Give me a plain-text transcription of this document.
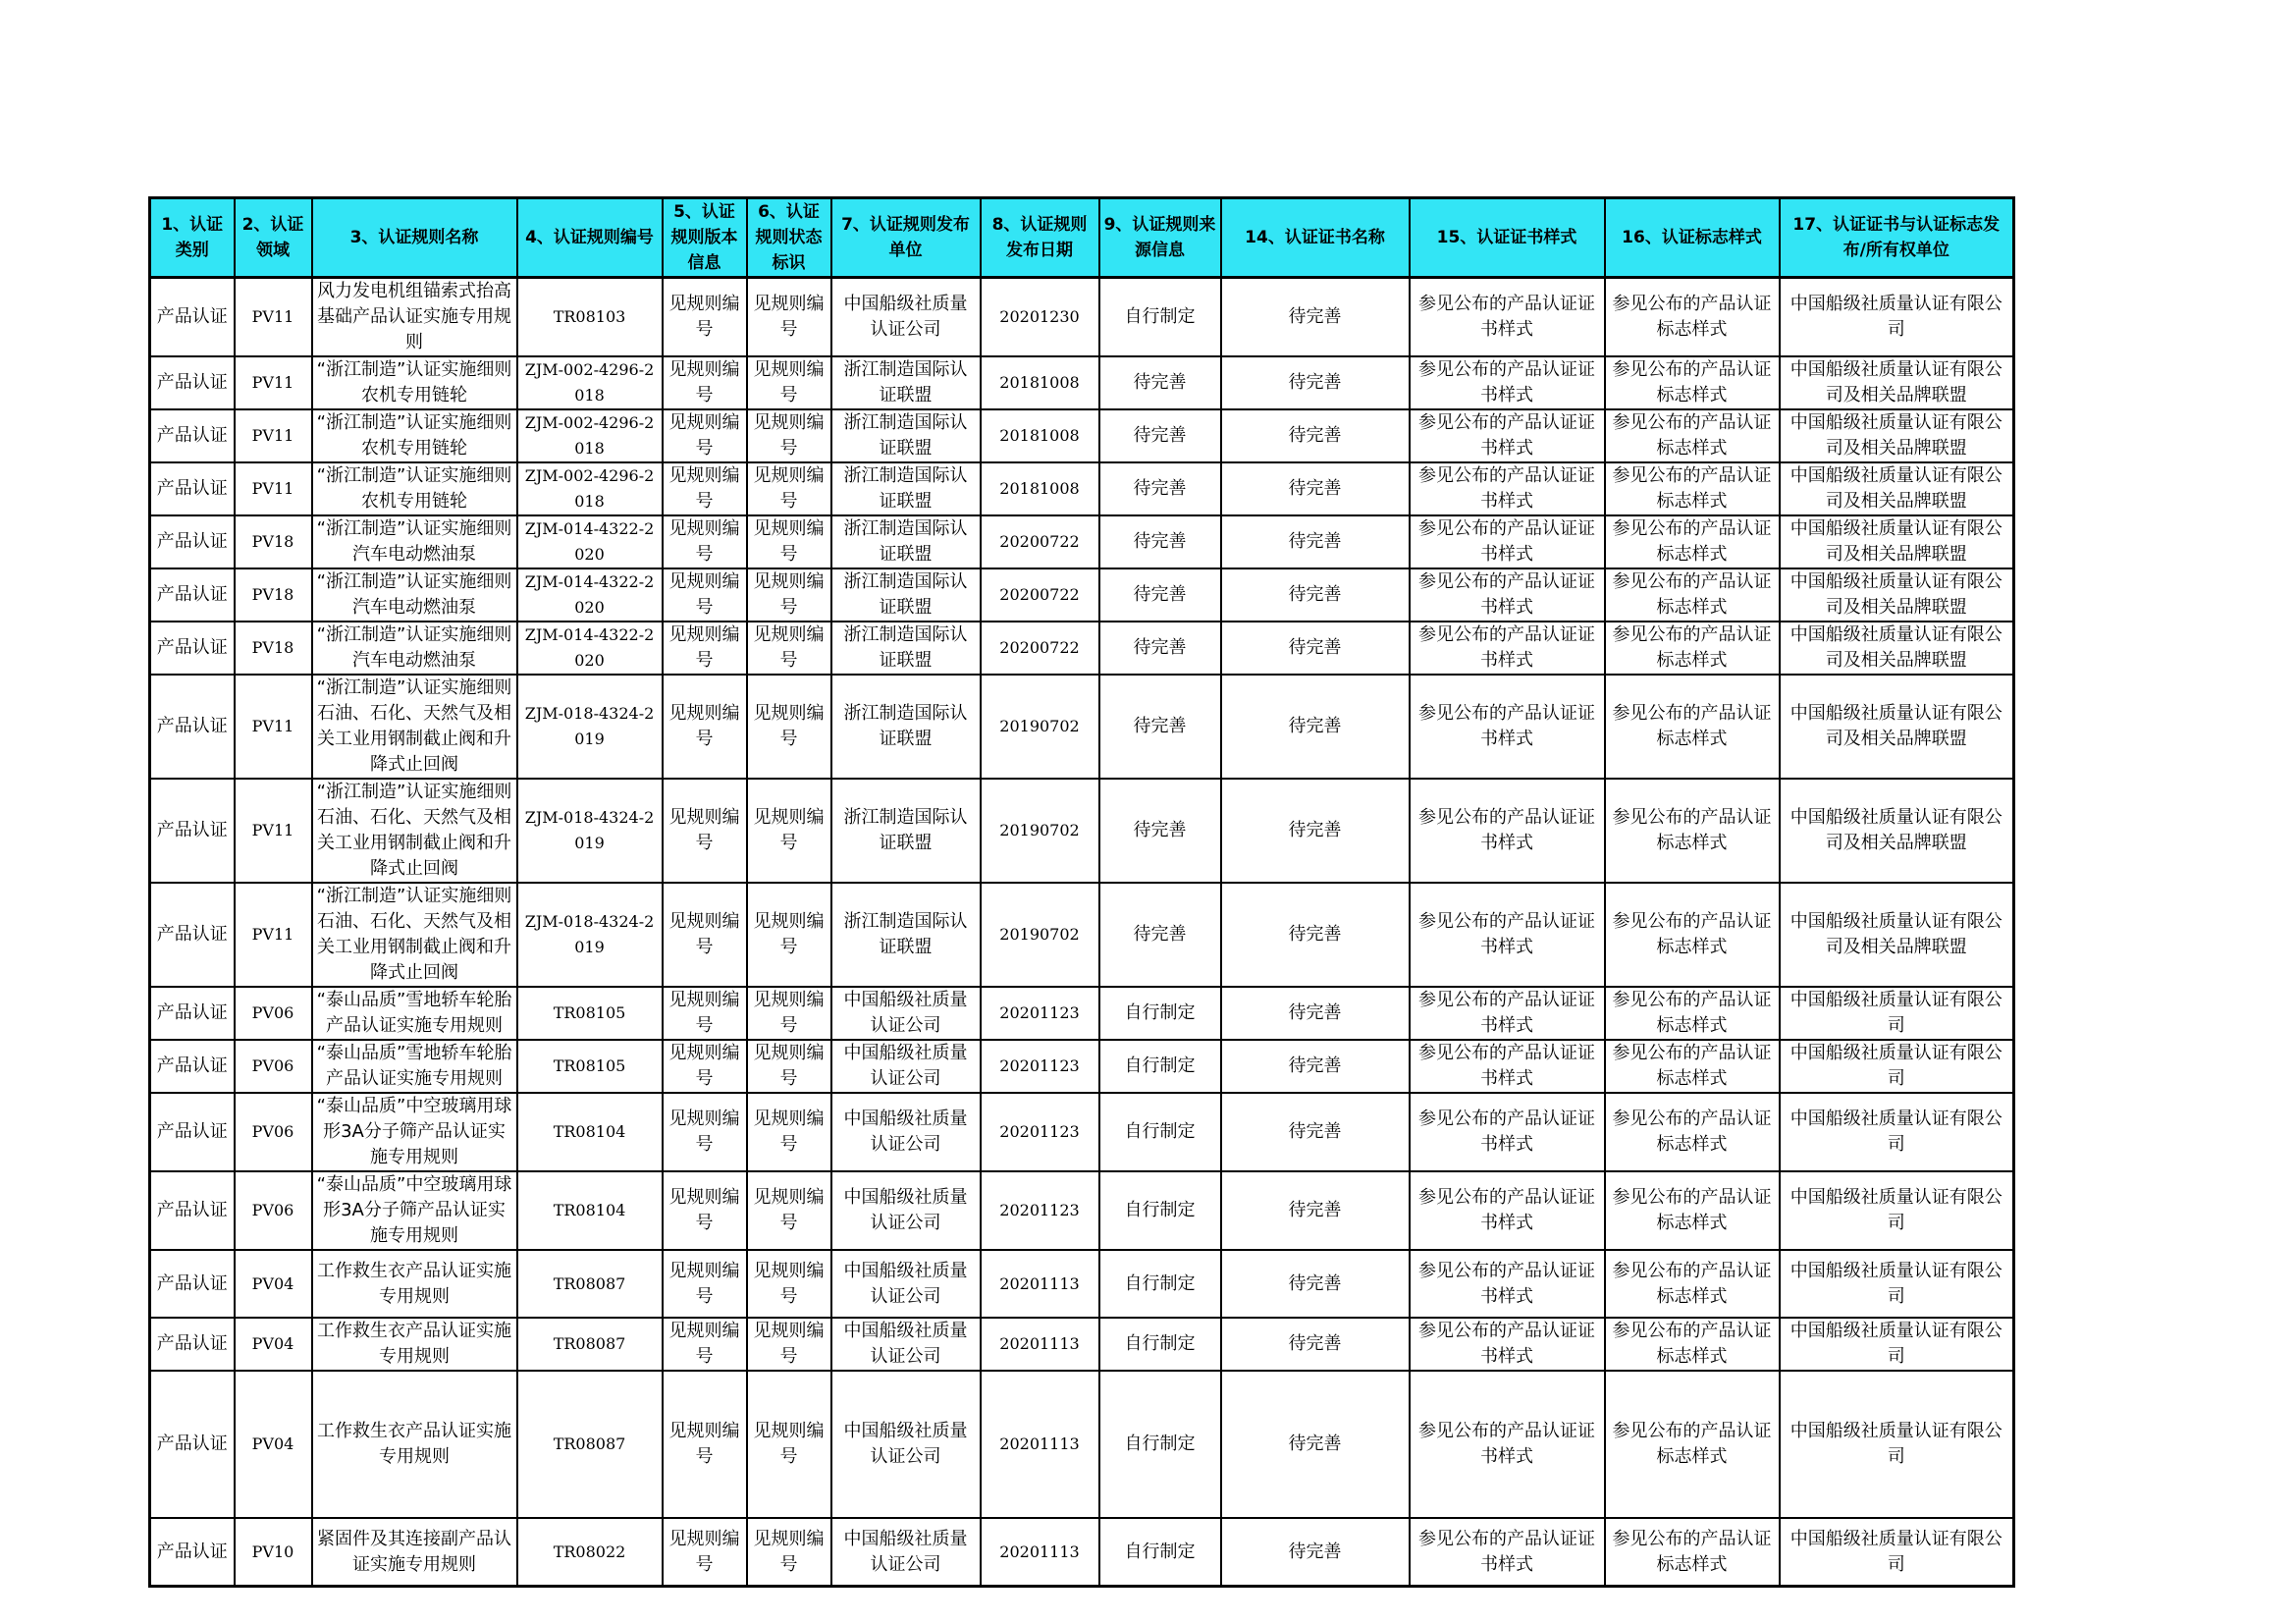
1、认证类别	2、认证领域	3、认证规则名称	4、认证规则编号	5、认证规则版本信息	6、认证规则状态标识	7、认证规则发布单位	8、认证规则发布日期	9、认证规则来源信息	14、认证证书名称	15、认证证书样式	16、认证标志样式	17、认证证书与认证标志发布/所有权单位
产品认证	PV11	风力发电机组锚索式抬高基础产品认证实施专用规则	TR08103	见规则编号	见规则编号	中国船级社质量认证公司	20201230	自行制定	待完善	参见公布的产品认证证书样式	参见公布的产品认证标志样式	中国船级社质量认证有限公司
产品认证	PV11	“浙江制造”认证实施细则农机专用链轮	ZJM-002-4296-2018	见规则编号	见规则编号	浙江制造国际认证联盟	20181008	待完善	待完善	参见公布的产品认证证书样式	参见公布的产品认证标志样式	中国船级社质量认证有限公司及相关品牌联盟
产品认证	PV11	“浙江制造”认证实施细则农机专用链轮	ZJM-002-4296-2018	见规则编号	见规则编号	浙江制造国际认证联盟	20181008	待完善	待完善	参见公布的产品认证证书样式	参见公布的产品认证标志样式	中国船级社质量认证有限公司及相关品牌联盟
产品认证	PV11	“浙江制造”认证实施细则农机专用链轮	ZJM-002-4296-2018	见规则编号	见规则编号	浙江制造国际认证联盟	20181008	待完善	待完善	参见公布的产品认证证书样式	参见公布的产品认证标志样式	中国船级社质量认证有限公司及相关品牌联盟
产品认证	PV18	“浙江制造”认证实施细则汽车电动燃油泵	ZJM-014-4322-2020	见规则编号	见规则编号	浙江制造国际认证联盟	20200722	待完善	待完善	参见公布的产品认证证书样式	参见公布的产品认证标志样式	中国船级社质量认证有限公司及相关品牌联盟
产品认证	PV18	“浙江制造”认证实施细则汽车电动燃油泵	ZJM-014-4322-2020	见规则编号	见规则编号	浙江制造国际认证联盟	20200722	待完善	待完善	参见公布的产品认证证书样式	参见公布的产品认证标志样式	中国船级社质量认证有限公司及相关品牌联盟
产品认证	PV18	“浙江制造”认证实施细则汽车电动燃油泵	ZJM-014-4322-2020	见规则编号	见规则编号	浙江制造国际认证联盟	20200722	待完善	待完善	参见公布的产品认证证书样式	参见公布的产品认证标志样式	中国船级社质量认证有限公司及相关品牌联盟
产品认证	PV11	“浙江制造”认证实施细则石油、石化、天然气及相关工业用钢制截止阀和升降式止回阀	ZJM-018-4324-2019	见规则编号	见规则编号	浙江制造国际认证联盟	20190702	待完善	待完善	参见公布的产品认证证书样式	参见公布的产品认证标志样式	中国船级社质量认证有限公司及相关品牌联盟
产品认证	PV11	“浙江制造”认证实施细则石油、石化、天然气及相关工业用钢制截止阀和升降式止回阀	ZJM-018-4324-2019	见规则编号	见规则编号	浙江制造国际认证联盟	20190702	待完善	待完善	参见公布的产品认证证书样式	参见公布的产品认证标志样式	中国船级社质量认证有限公司及相关品牌联盟
产品认证	PV11	“浙江制造”认证实施细则石油、石化、天然气及相关工业用钢制截止阀和升降式止回阀	ZJM-018-4324-2019	见规则编号	见规则编号	浙江制造国际认证联盟	20190702	待完善	待完善	参见公布的产品认证证书样式	参见公布的产品认证标志样式	中国船级社质量认证有限公司及相关品牌联盟
产品认证	PV06	“泰山品质”雪地轿车轮胎产品认证实施专用规则	TR08105	见规则编号	见规则编号	中国船级社质量认证公司	20201123	自行制定	待完善	参见公布的产品认证证书样式	参见公布的产品认证标志样式	中国船级社质量认证有限公司
产品认证	PV06	“泰山品质”雪地轿车轮胎产品认证实施专用规则	TR08105	见规则编号	见规则编号	中国船级社质量认证公司	20201123	自行制定	待完善	参见公布的产品认证证书样式	参见公布的产品认证标志样式	中国船级社质量认证有限公司
产品认证	PV06	“泰山品质”中空玻璃用球形3A分子筛产品认证实施专用规则	TR08104	见规则编号	见规则编号	中国船级社质量认证公司	20201123	自行制定	待完善	参见公布的产品认证证书样式	参见公布的产品认证标志样式	中国船级社质量认证有限公司
产品认证	PV06	“泰山品质”中空玻璃用球形3A分子筛产品认证实施专用规则	TR08104	见规则编号	见规则编号	中国船级社质量认证公司	20201123	自行制定	待完善	参见公布的产品认证证书样式	参见公布的产品认证标志样式	中国船级社质量认证有限公司
产品认证	PV04	工作救生衣产品认证实施专用规则	TR08087	见规则编号	见规则编号	中国船级社质量认证公司	20201113	自行制定	待完善	参见公布的产品认证证书样式	参见公布的产品认证标志样式	中国船级社质量认证有限公司
产品认证	PV04	工作救生衣产品认证实施专用规则	TR08087	见规则编号	见规则编号	中国船级社质量认证公司	20201113	自行制定	待完善	参见公布的产品认证证书样式	参见公布的产品认证标志样式	中国船级社质量认证有限公司
产品认证	PV04	工作救生衣产品认证实施专用规则	TR08087	见规则编号	见规则编号	中国船级社质量认证公司	20201113	自行制定	待完善	参见公布的产品认证证书样式	参见公布的产品认证标志样式	中国船级社质量认证有限公司
产品认证	PV10	紧固件及其连接副产品认证实施专用规则	TR08022	见规则编号	见规则编号	中国船级社质量认证公司	20201113	自行制定	待完善	参见公布的产品认证证书样式	参见公布的产品认证标志样式	中国船级社质量认证有限公司
